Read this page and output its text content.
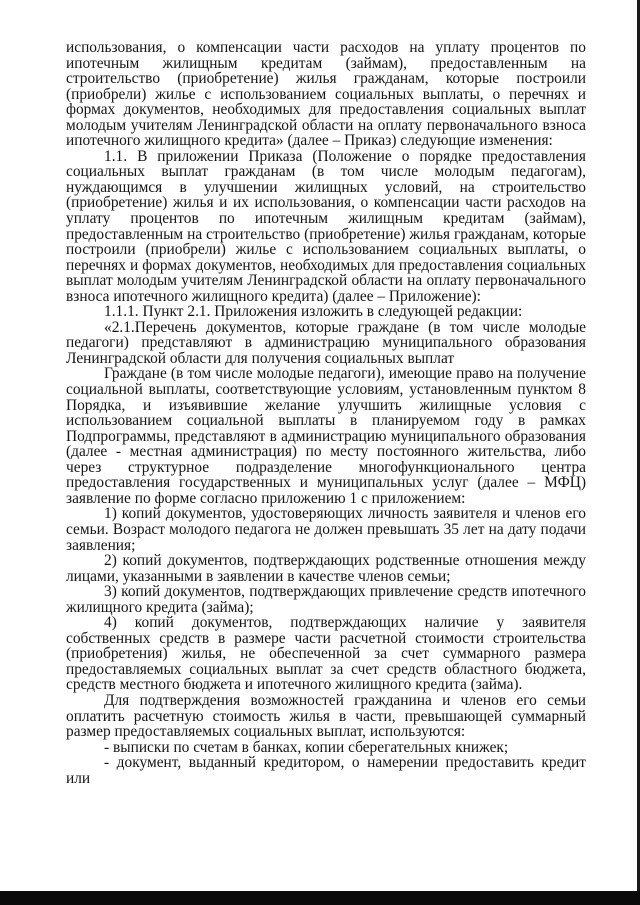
использования, о компенсации части расходов на уплату процентов по ипотечным жилищным кредитам (займам), предоставленным на строительство (приобретение) жилья гражданам, которые построили (приобрели) жилье с использованием социальных выплаты, о перечнях и формах документов, необходимых для предоставления социальных выплат молодым учителям Ленинградской области на оплату первоначального взноса ипотечного жилищного кредита» (далее – Приказ) следующие изменения:

1.1. В приложении Приказа (Положение о порядке предоставления социальных выплат гражданам (в том числе молодым педагогам), нуждающимся в улучшении жилищных условий, на строительство (приобретение) жилья и их использования, о компенсации части расходов на уплату процентов по ипотечным жилищным кредитам (займам), предоставленным на строительство (приобретение) жилья гражданам, которые построили (приобрели) жилье с использованием социальных выплаты, о перечнях и формах документов, необходимых для предоставления социальных выплат молодым учителям Ленинградской области на оплату первоначального взноса ипотечного жилищного кредита) (далее – Приложение):

1.1.1. Пункт 2.1. Приложения изложить в следующей редакции:

«2.1.Перечень документов, которые граждане (в том числе молодые педагоги) представляют в администрацию муниципального образования Ленинградской области для получения социальных выплат

Граждане (в том числе молодые педагоги), имеющие право на получение социальной выплаты, соответствующие условиям, установленным пунктом 8 Порядка, и изъявившие желание улучшить жилищные условия с использованием социальной выплаты в планируемом году в рамках Подпрограммы, представляют в администрацию муниципального образования (далее - местная администрация) по месту постоянного жительства, либо через структурное подразделение многофункционального центра предоставления государственных и муниципальных услуг (далее – МФЦ) заявление по форме согласно приложению 1 с приложением:

1) копий документов, удостоверяющих личность заявителя и членов его семьи. Возраст молодого педагога не должен превышать 35 лет на дату подачи заявления;

2) копий документов, подтверждающих родственные отношения между лицами, указанными в заявлении в качестве членов семьи;

3) копий документов, подтверждающих привлечение средств ипотечного жилищного кредита (займа);

4) копий документов, подтверждающих наличие у заявителя собственных средств в размере части расчетной стоимости строительства (приобретения) жилья, не обеспеченной за счет суммарного размера предоставляемых социальных выплат за счет средств областного бюджета, средств местного бюджета и ипотечного жилищного кредита (займа).

Для подтверждения возможностей гражданина и членов его семьи оплатить расчетную стоимость жилья в части, превышающей суммарный размер предоставляемых социальных выплат, используются:

- выписки по счетам в банках, копии сберегательных книжек;

- документ, выданный кредитором, о намерении предоставить кредит или
